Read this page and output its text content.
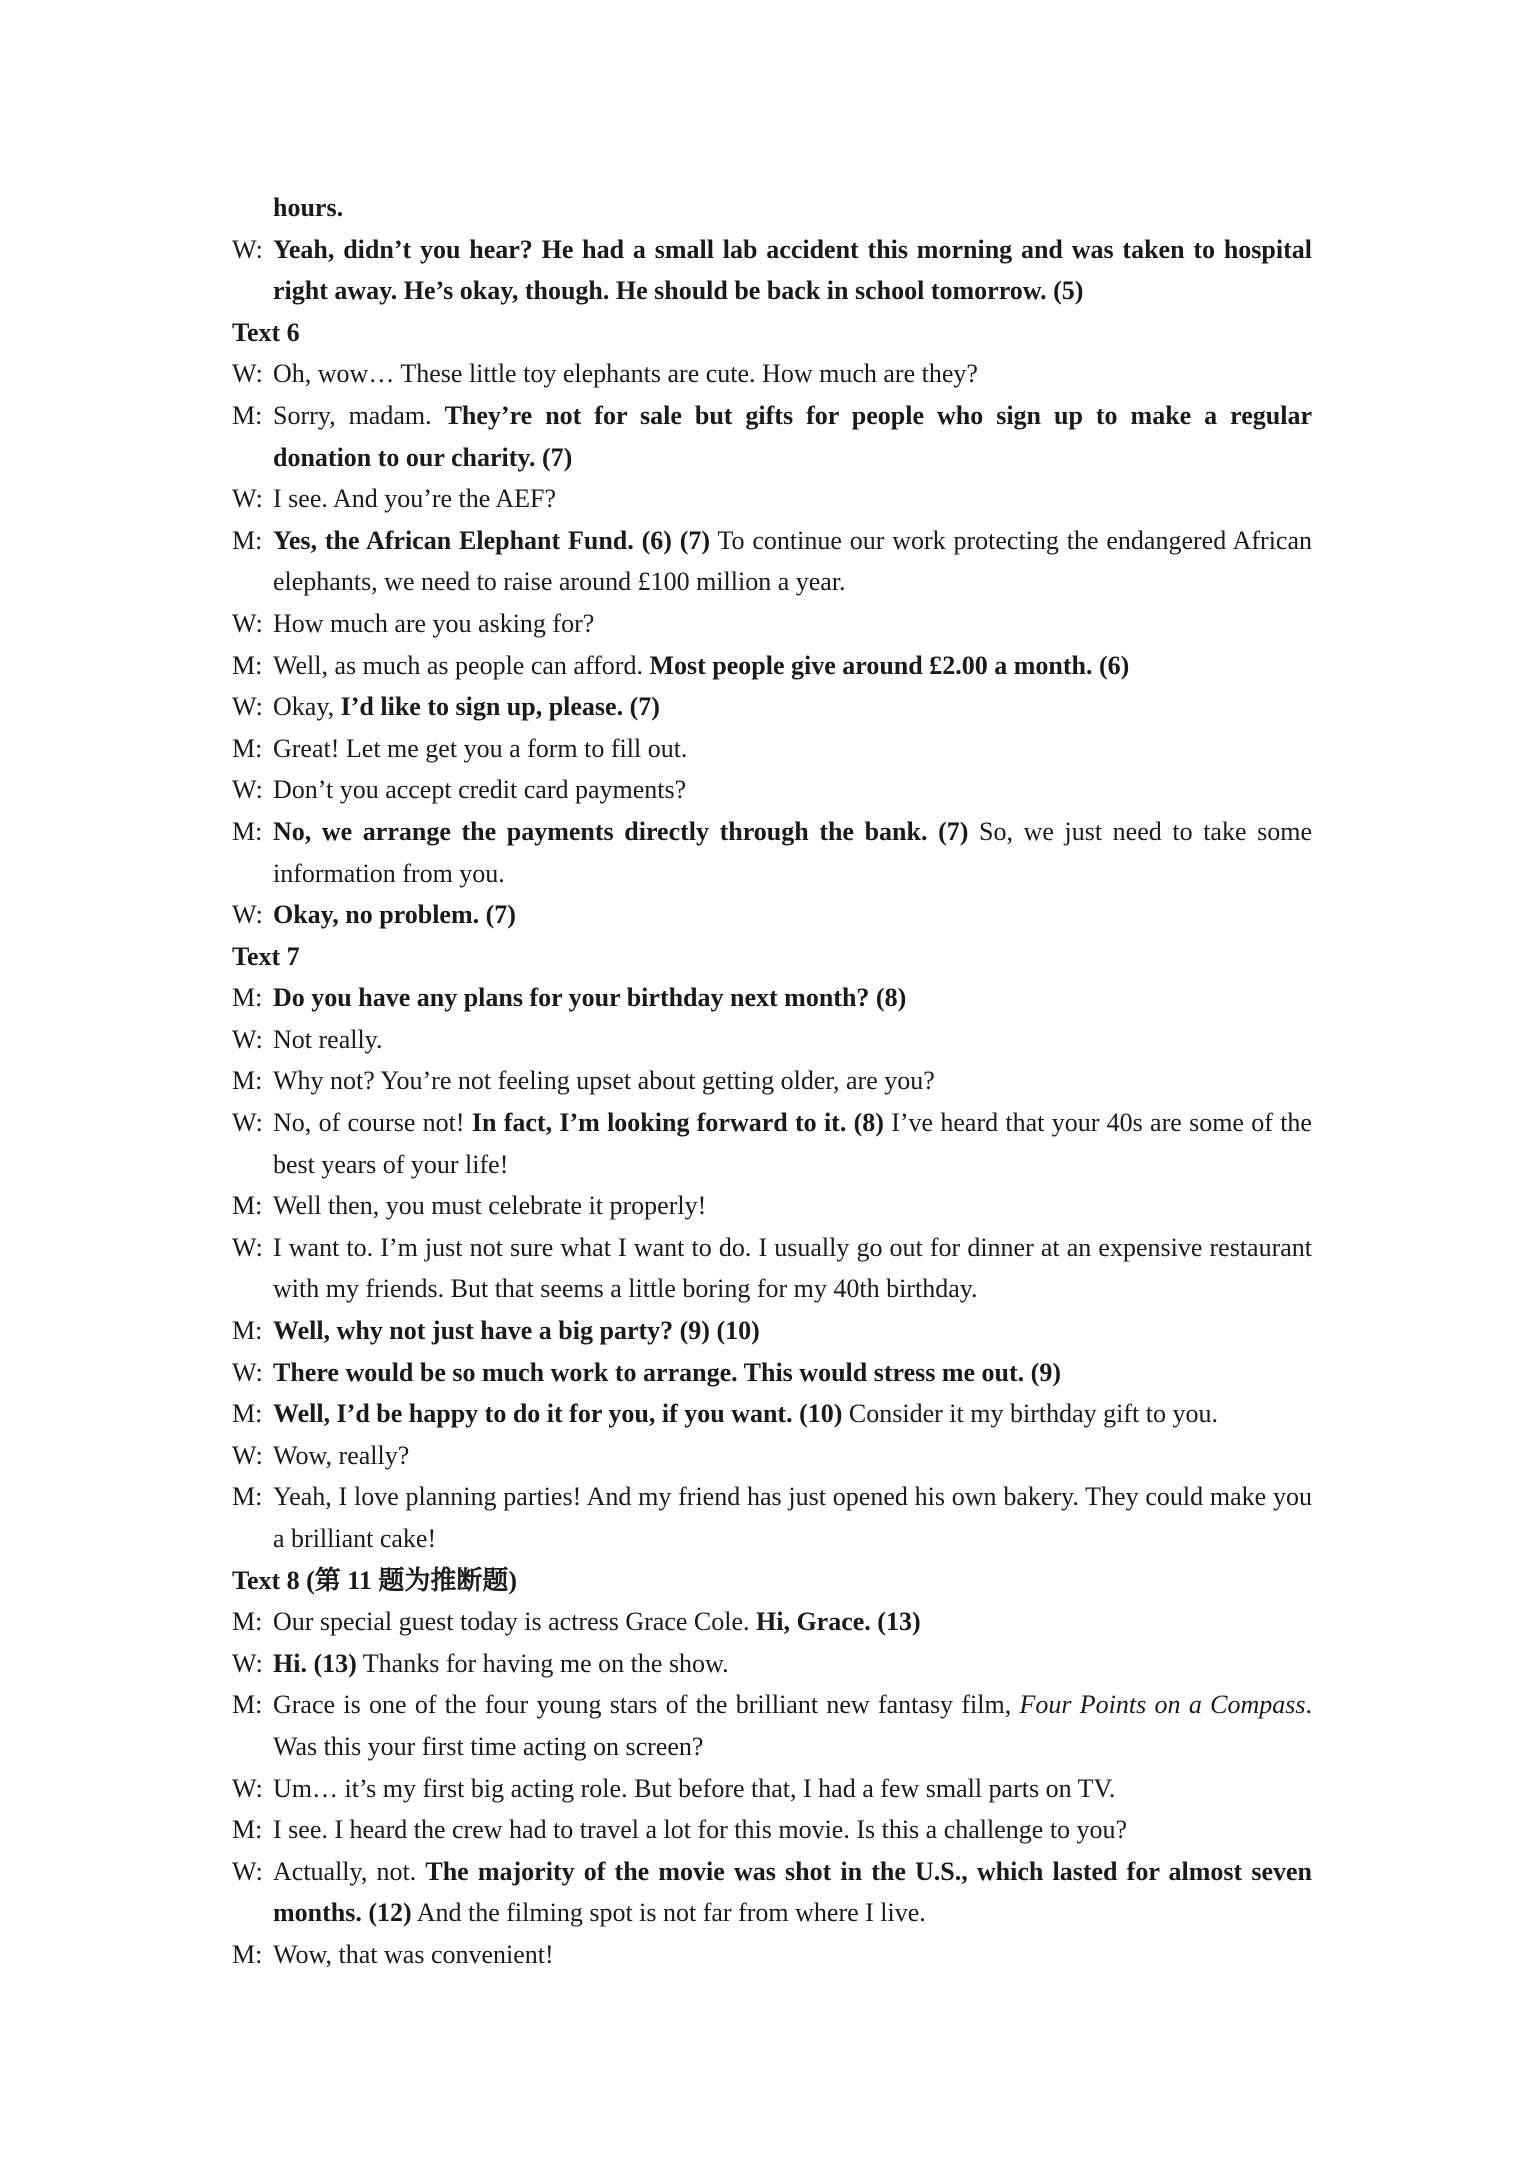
hours.
W: Yeah, didn’t you hear? He had a small lab accident this morning and was taken to hospital right away. He’s okay, though. He should be back in school tomorrow. (5)
Text 6
W: Oh, wow… These little toy elephants are cute. How much are they?
M: Sorry, madam. They’re not for sale but gifts for people who sign up to make a regular donation to our charity. (7)
W: I see. And you’re the AEF?
M: Yes, the African Elephant Fund. (6) (7) To continue our work protecting the endangered African elephants, we need to raise around £100 million a year.
W: How much are you asking for?
M: Well, as much as people can afford. Most people give around £2.00 a month. (6)
W: Okay, I’d like to sign up, please. (7)
M: Great! Let me get you a form to fill out.
W: Don’t you accept credit card payments?
M: No, we arrange the payments directly through the bank. (7) So, we just need to take some information from you.
W: Okay, no problem. (7)
Text 7
M: Do you have any plans for your birthday next month? (8)
W: Not really.
M: Why not? You’re not feeling upset about getting older, are you?
W: No, of course not! In fact, I’m looking forward to it. (8) I’ve heard that your 40s are some of the best years of your life!
M: Well then, you must celebrate it properly!
W: I want to. I’m just not sure what I want to do. I usually go out for dinner at an expensive restaurant with my friends. But that seems a little boring for my 40th birthday.
M: Well, why not just have a big party? (9) (10)
W: There would be so much work to arrange. This would stress me out. (9)
M: Well, I’d be happy to do it for you, if you want. (10) Consider it my birthday gift to you.
W: Wow, really?
M: Yeah, I love planning parties! And my friend has just opened his own bakery. They could make you a brilliant cake!
Text 8 (第 11 题为推断题)
M: Our special guest today is actress Grace Cole. Hi, Grace. (13)
W: Hi. (13) Thanks for having me on the show.
M: Grace is one of the four young stars of the brilliant new fantasy film, Four Points on a Compass. Was this your first time acting on screen?
W: Um… it’s my first big acting role. But before that, I had a few small parts on TV.
M: I see. I heard the crew had to travel a lot for this movie. Is this a challenge to you?
W: Actually, not. The majority of the movie was shot in the U.S., which lasted for almost seven months. (12) And the filming spot is not far from where I live.
M: Wow, that was convenient!
